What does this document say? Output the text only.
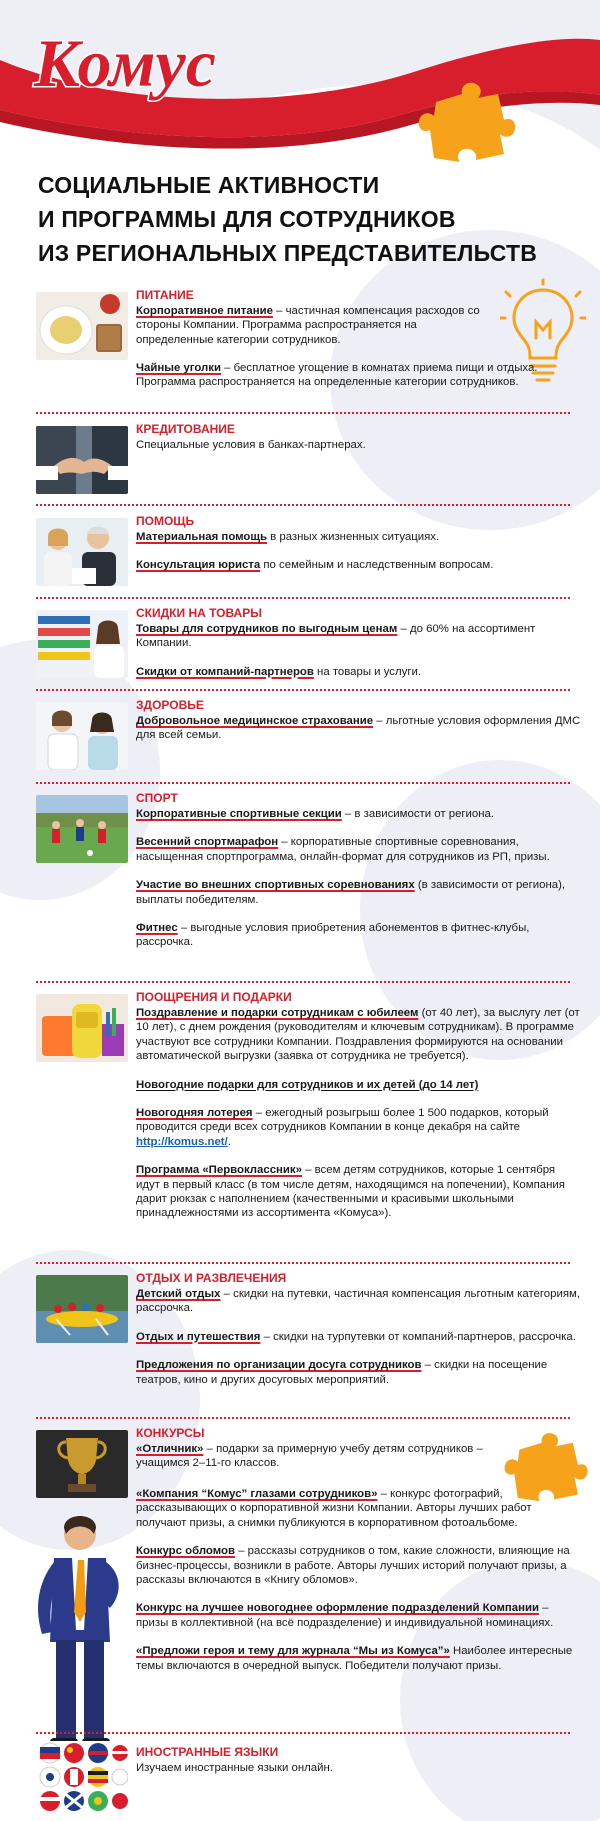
Комус
СОЦИАЛЬНЫЕ АКТИВНОСТИ
И ПРОГРАММЫ ДЛЯ СОТРУДНИКОВ
ИЗ РЕГИОНАЛЬНЫХ ПРЕДСТАВИТЕЛЬСТВ
ПИТАНИЕ
Корпоративное питание – частичная компенсация расходов со стороны Компании. Программа распространяется на определенные категории сотрудников.
Чайные уголки – бесплатное угощение в комнатах приема пищи и отдыха. Программа распространяется на определенные категории сотрудников.
КРЕДИТОВАНИЕ
Специальные условия в банках-партнерах.
ПОМОЩЬ
Материальная помощь в разных жизненных ситуациях.
Консультация юриста по семейным и наследственным вопросам.
СКИДКИ НА ТОВАРЫ
Товары для сотрудников по выгодным ценам – до 60% на ассортимент Компании.
Скидки от компаний-партнеров на товары и услуги.
ЗДОРОВЬЕ
Добровольное медицинское страхование – льготные условия оформления ДМС для всей семьи.
СПОРТ
Корпоративные спортивные секции – в зависимости от региона.
Весенний спортмарафон – корпоративные спортивные соревнования, насыщенная спортпрограмма, онлайн-формат для сотрудников из РП, призы.
Участие во внешних спортивных соревнованиях (в зависимости от региона), выплаты победителям.
Фитнес – выгодные условия приобретения абонементов в фитнес-клубы, рассрочка.
ПООЩРЕНИЯ И ПОДАРКИ
Поздравление и подарки сотрудникам с юбилеем (от 40 лет), за выслугу лет (от 10 лет), с днем рождения (руководителям и ключевым сотрудникам). В программе участвуют все сотрудники Компании. Поздравления формируются на основании автоматической выгрузки (заявка от сотрудника не требуется).
Новогодние подарки для сотрудников и их детей (до 14 лет)
Новогодняя лотерея – ежегодный розыгрыш более 1 500 подарков, который проводится среди всех сотрудников Компании в конце декабря на сайте http://komus.net/.
Программа «Первоклассник» – всем детям сотрудников, которые 1 сентября идут в первый класс (в том числе детям, находящимся на попечении), Компания дарит рюкзак с наполнением (качественными и красивыми школьными принадлежностями из ассортимента «Комуса»).
ОТДЫХ И РАЗВЛЕЧЕНИЯ
Детский отдых – скидки на путевки, частичная компенсация льготным категориям, рассрочка.
Отдых и путешествия – скидки на турпутевки от компаний-партнеров, рассрочка.
Предложения по организации досуга сотрудников – скидки на посещение театров, кино и других досуговых мероприятий.
КОНКУРСЫ
«Отличник» – подарки за примерную учебу детям сотрудников – учащимся 2–11-го классов.
«Компания “Комус” глазами сотрудников» – конкурс фотографий, рассказывающих о корпоративной жизни Компании. Авторы лучших работ получают призы, а снимки публикуются в корпоративном фотоальбоме.
Конкурс обломов – рассказы сотрудников о том, какие сложности, влияющие на бизнес-процессы, возникли в работе. Авторы лучших историй получают призы, а рассказы включаются в «Книгу обломов».
Конкурс на лучшее новогоднее оформление подразделений Компании – призы в коллективной (на всё подразделение) и индивидуальной номинациях.
«Предложи героя и тему для журнала “Мы из Комуса”» Наиболее интересные темы включаются в очередной выпуск. Победители получают призы.
ИНОСТРАННЫЕ ЯЗЫКИ
Изучаем иностранные языки онлайн.
